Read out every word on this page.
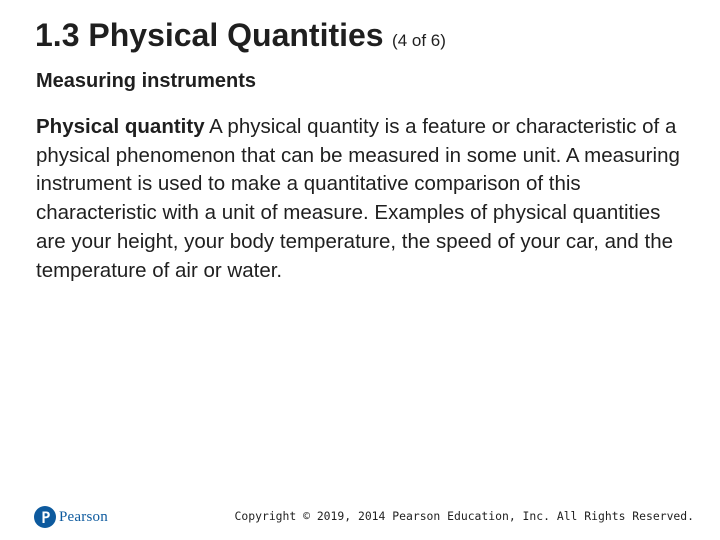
1.3 Physical Quantities (4 of 6)
Measuring instruments
Physical quantity A physical quantity is a feature or characteristic of a physical phenomenon that can be measured in some unit. A measuring instrument is used to make a quantitative comparison of this characteristic with a unit of measure. Examples of physical quantities are your height, your body temperature, the speed of your car, and the temperature of air or water.
Pearson	Copyright © 2019, 2014 Pearson Education, Inc. All Rights Reserved.
